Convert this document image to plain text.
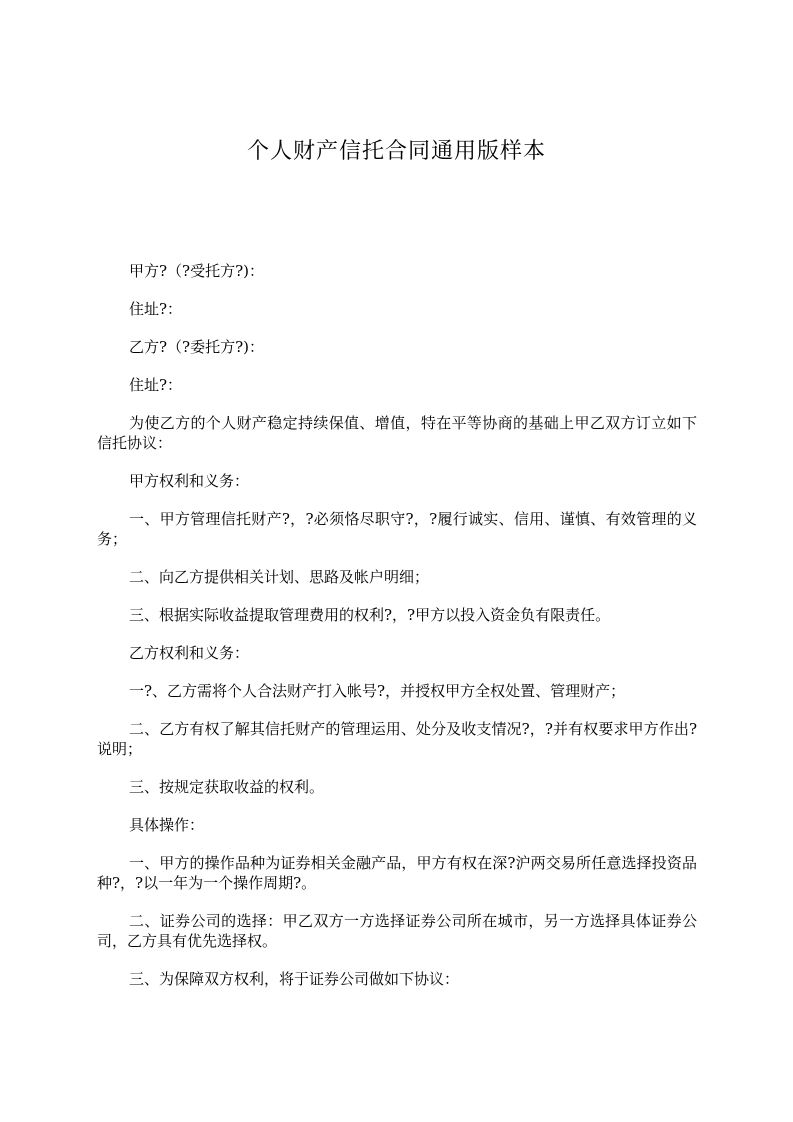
个人财产信托合同通用版样本

甲方?（?受托方?)：

住址?：

乙方?（?委托方?)：

住址?：

为使乙方的个人财产稳定持续保值、增值，特在平等协商的基础上甲乙双方订立如下信托协议：

甲方权利和义务：

一、甲方管理信托财产?，?必须恪尽职守?，?履行诚实、信用、谨慎、有效管理的义务；

二、向乙方提供相关计划、思路及帐户明细；

三、根据实际收益提取管理费用的权利?，?甲方以投入资金负有限责任。

乙方权利和义务：

一?、乙方需将个人合法财产打入帐号?，并授权甲方全权处置、管理财产；

二、乙方有权了解其信托财产的管理运用、处分及收支情况?，?并有权要求甲方作出?说明；

三、按规定获取收益的权利。

具体操作：

一、甲方的操作品种为证券相关金融产品，甲方有权在深?沪两交易所任意选择投资品种?，?以一年为一个操作周期?。

二、证券公司的选择：甲乙双方一方选择证券公司所在城市，另一方选择具体证券公司，乙方具有优先选择权。

三、为保障双方权利，将于证券公司做如下协议：
